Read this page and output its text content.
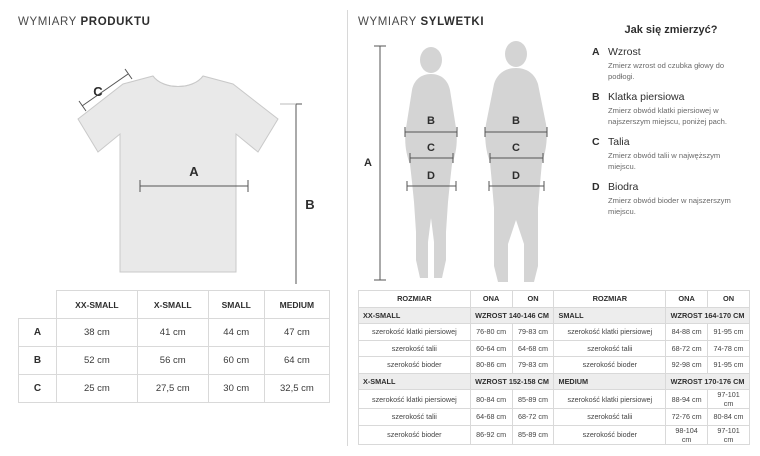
WYMIARY PRODUKTU
C
A
B
	XX-SMALL	X-SMALL	SMALL	MEDIUM
A	38 cm	41 cm	44 cm	47 cm
B	52 cm	56 cm	60 cm	64 cm
C	25 cm	27,5 cm	30 cm	32,5 cm
WYMIARY SYLWETKI
A
B
C
D
B
C
D
Jak się zmierzyć?
A Wzrost
Zmierz wzrost od czubka głowy do podłogi.
B Klatka piersiowa
Zmierz obwód klatki piersiowej w najszerszym miejscu, poniżej pach.
C Talia
Zmierz obwód talii w najwęższym miejscu.
D Biodra
Zmierz obwód bioder w najszerszym miejscu.
ROZMIAR	ONA	ON	ROZMIAR	ONA	ON
XX-SMALL	WZROST 140-146 CM		SMALL	WZROST 164-170 CM	
szerokość klatki piersiowej	76-80 cm	79-83 cm	szerokość klatki piersiowej	84-88 cm	91-95 cm
szerokość talii	60-64 cm	64-68 cm	szerokość talii	68-72 cm	74-78 cm
szerokość bioder	80-86 cm	79-83 cm	szerokość bioder	92-98 cm	91-95 cm
X-SMALL	WZROST 152-158 CM		MEDIUM	WZROST 170-176 CM	
szerokość klatki piersiowej	80-84 cm	85-89 cm	szerokość klatki piersiowej	88-94 cm	97-101 cm
szerokość talii	64-68 cm	68-72 cm	szerokość talii	72-76 cm	80-84 cm
szerokość bioder	86-92 cm	85-89 cm	szerokość bioder	98-104 cm	97-101 cm
